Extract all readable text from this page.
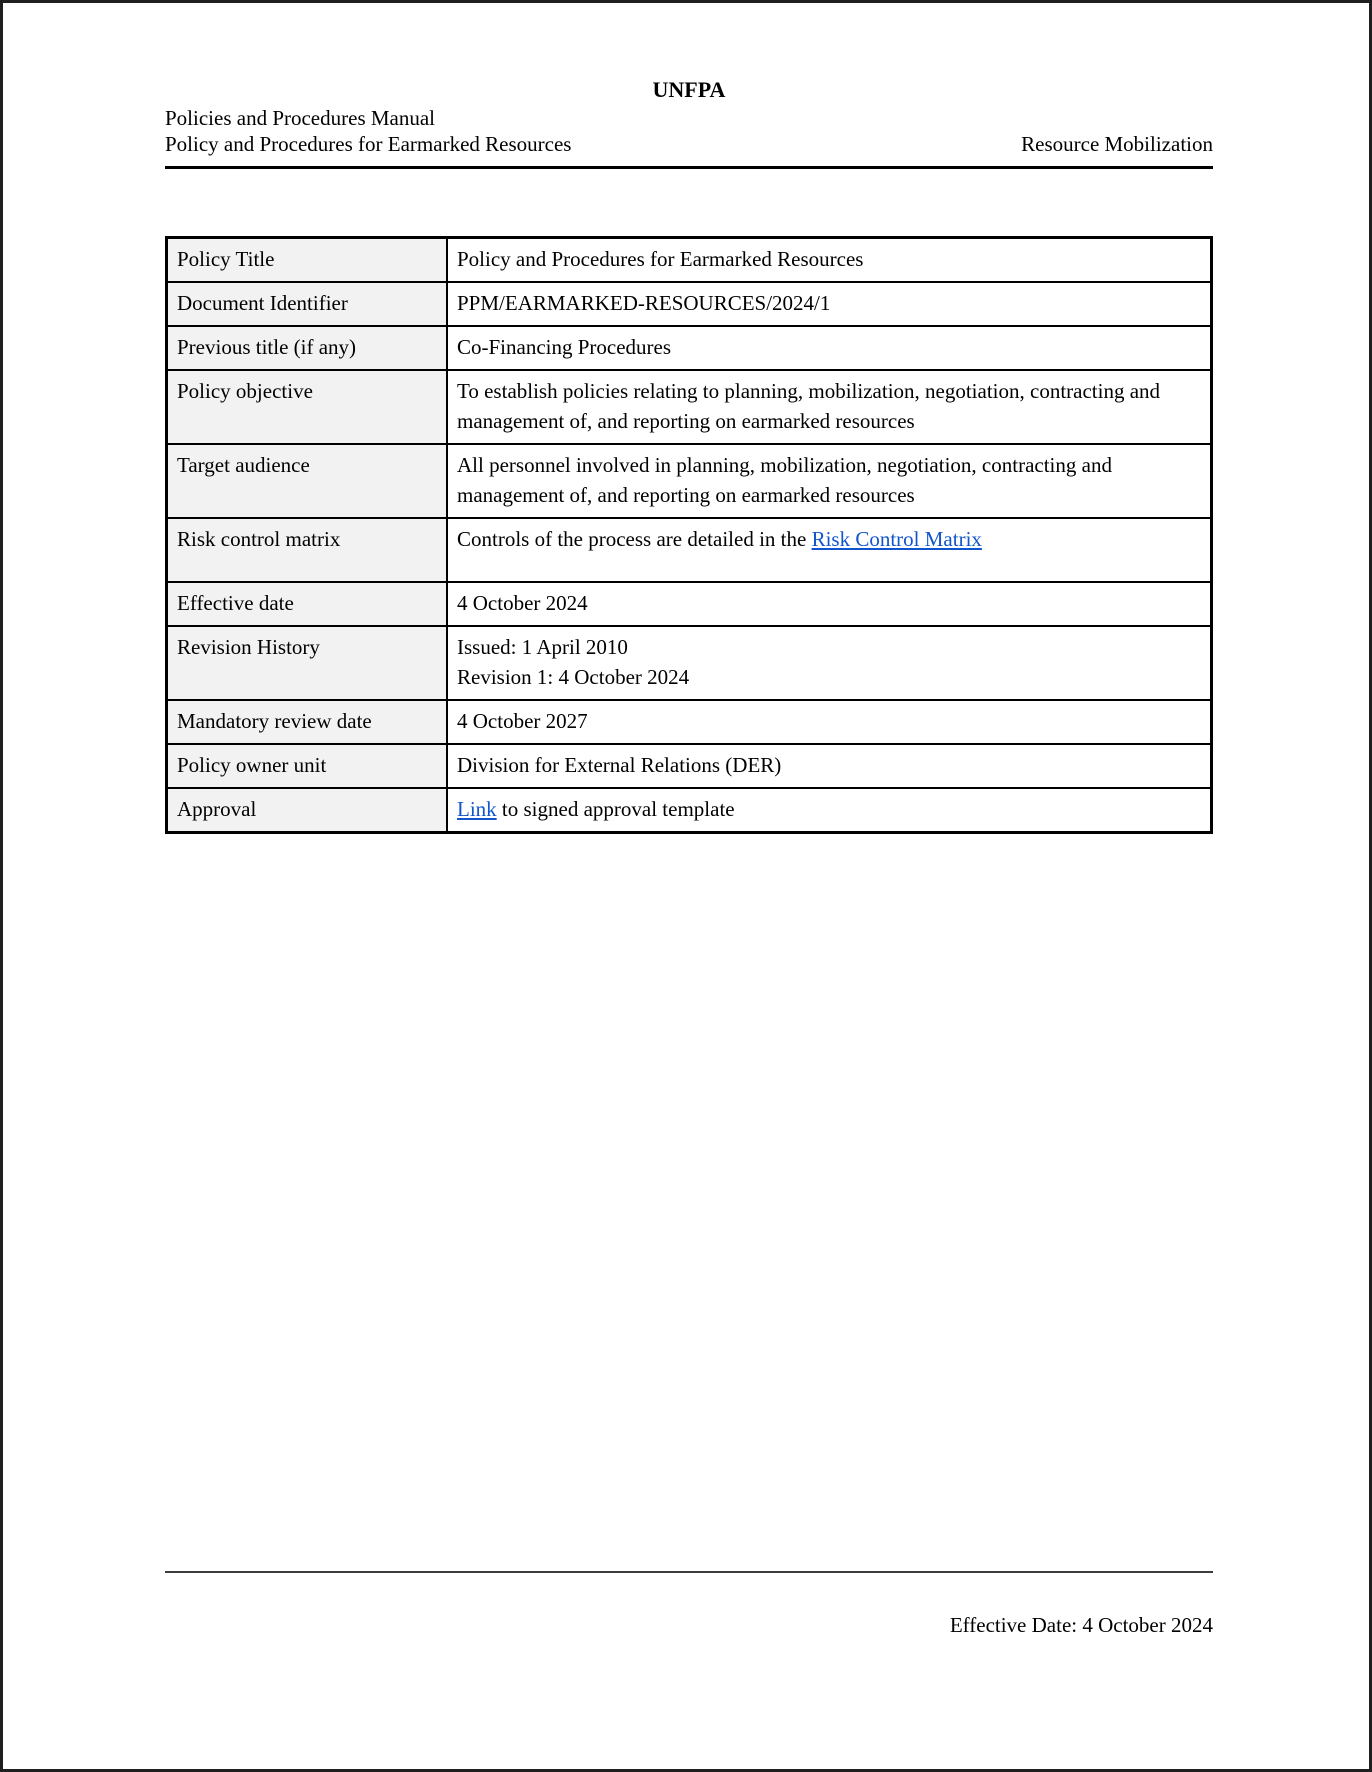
UNFPA
Policies and Procedures Manual
Policy and Procedures for Earmarked Resources	Resource Mobilization
Policy Title	Policy and Procedures for Earmarked Resources
Document Identifier	PPM/EARMARKED-RESOURCES/2024/1
Previous title (if any)	Co-Financing Procedures
Policy objective	To establish policies relating to planning, mobilization, negotiation, contracting and management of, and reporting on earmarked resources
Target audience	All personnel involved in planning, mobilization, negotiation, contracting and management of, and reporting on earmarked resources
Risk control matrix	Controls of the process are detailed in the Risk Control Matrix
Effective date	4 October 2024
Revision History	Issued: 1 April 2010
Revision 1: 4 October 2024

Mandatory review date	4 October 2027
Policy owner unit	Division for External Relations (DER)
Approval	Link to signed approval template
Effective Date: 4 October 2024
